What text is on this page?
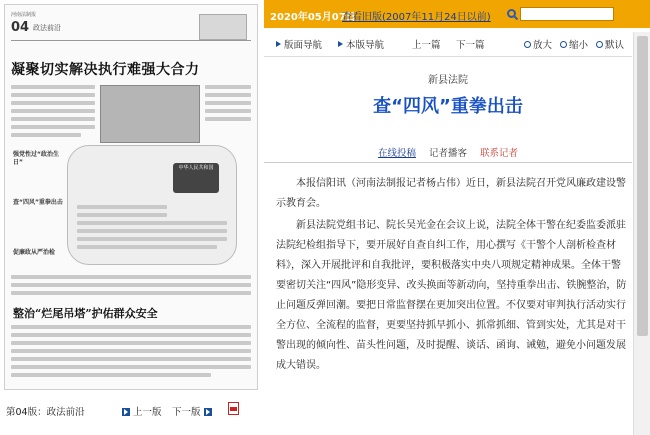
河南法制报
04 政法前沿
凝聚切实解决执行难强大合力
强党性过“政治生日”
查“四风”重拳出击
促廉政从严治检
中华人民共和国
整治“烂尾吊塔”护佑群众安全
第04版：政法前沿	上一版 下一版
2020年05月07日
查看旧版(2007年11月24日以前)
版面导航	本版导航	上一篇 下一篇	放大	缩小	默认
新县法院
查“四风”重拳出击
在线投稿 记者播客 联系记者

本报信阳讯（河南法制报记者杨占伟）近日，新县法院召开党风廉政建设警示教育会。

新县法院党组书记、院长吴光金在会议上说，法院全体干警在纪委监委派驻法院纪检组指导下，要开展好自查自纠工作，用心撰写《干警个人剖析检查材料》，深入开展批评和自我批评，要积极落实中央八项规定精神成果。全体干警要密切关注“四风”隐形变异、改头换面等新动向，坚持重拳出击、铁腕整治，防止问题反弹回潮。要把日常监督摆在更加突出位置。不仅要对审判执行活动实行全方位、全流程的监督，更要坚持抓早抓小、抓常抓细、管到实处，尤其是对干警出现的倾向性、苗头性问题，及时提醒、谈话、函询、诫勉，避免小问题发展成大错误。
